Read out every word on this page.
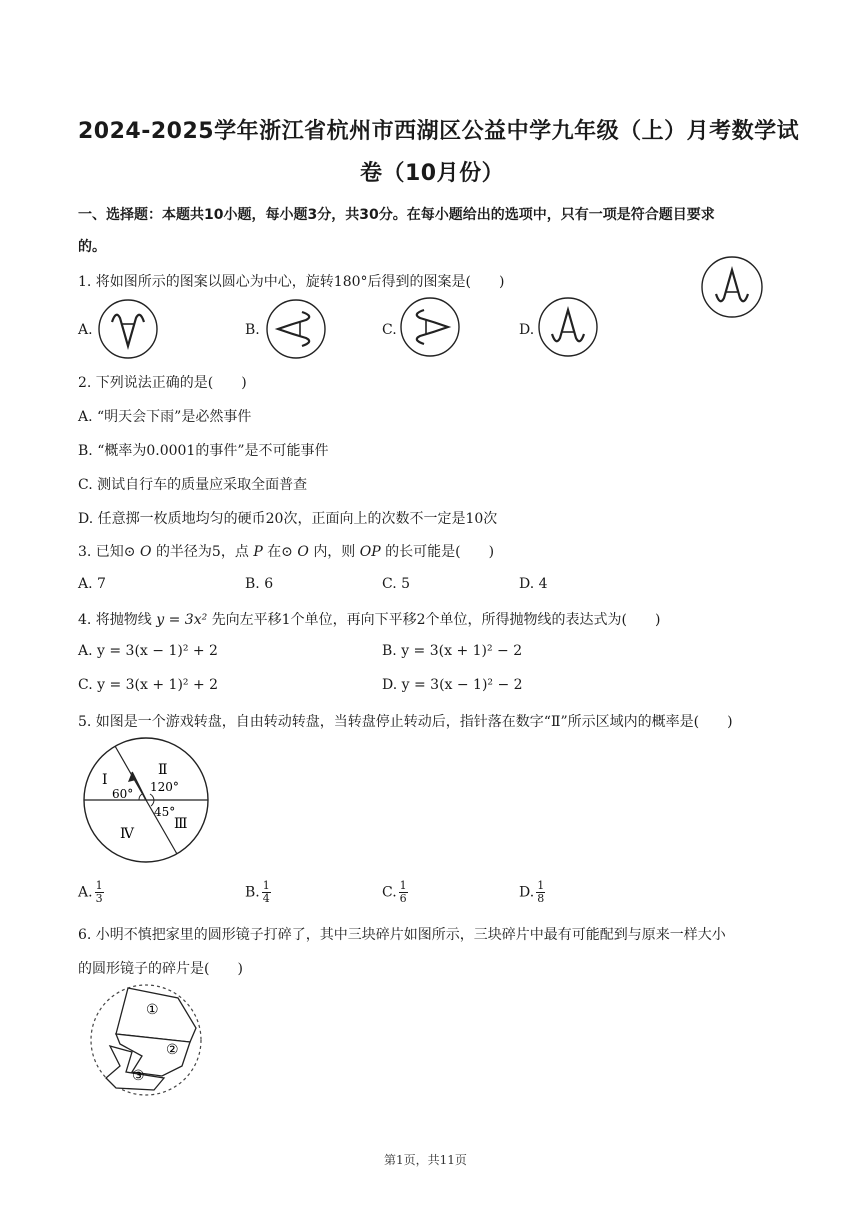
2024-2025学年浙江省杭州市西湖区公益中学九年级（上）月考数学试
卷（10月份）
一、选择题：本题共10小题，每小题3分，共30分。在每小题给出的选项中，只有一项是符合题目要求
的。
1. 将如图所示的图案以圆心为中心，旋转180°后得到的图案是(　　)
A.	B.	C.	D.
2. 下列说法正确的是(　　)
A. “明天会下雨”是必然事件
B. “概率为0.0001的事件”是不可能事件
C. 测试自行车的质量应采取全面普查
D. 任意掷一枚质地均匀的硬币20次，正面向上的次数不一定是10次
3. 已知⊙ O 的半径为5，点 P 在⊙ O 内，则 OP 的长可能是(　　)
A. 7	B. 6	C. 5	D. 4
4. 将抛物线 y = 3x² 先向左平移1个单位，再向下平移2个单位，所得抛物线的表达式为(　　)
A. y = 3(x − 1)² + 2	B. y = 3(x + 1)² − 2
C. y = 3(x + 1)² + 2	D. y = 3(x − 1)² − 2
5. 如图是一个游戏转盘，自由转动转盘，当转盘停止转动后，指针落在数字“Ⅱ”所示区域内的概率是(　　)
Ⅰ
Ⅱ
Ⅲ
Ⅳ
60° 120°
45°
A. $\frac{1}{3}$	B. $\frac{1}{4}$	C. $\frac{1}{6}$	D. $\frac{1}{8}$
6. 小明不慎把家里的圆形镜子打碎了，其中三块碎片如图所示，三块碎片中最有可能配到与原来一样大小
的圆形镜子的碎片是(　　)
①
②
③
第1页，共11页
